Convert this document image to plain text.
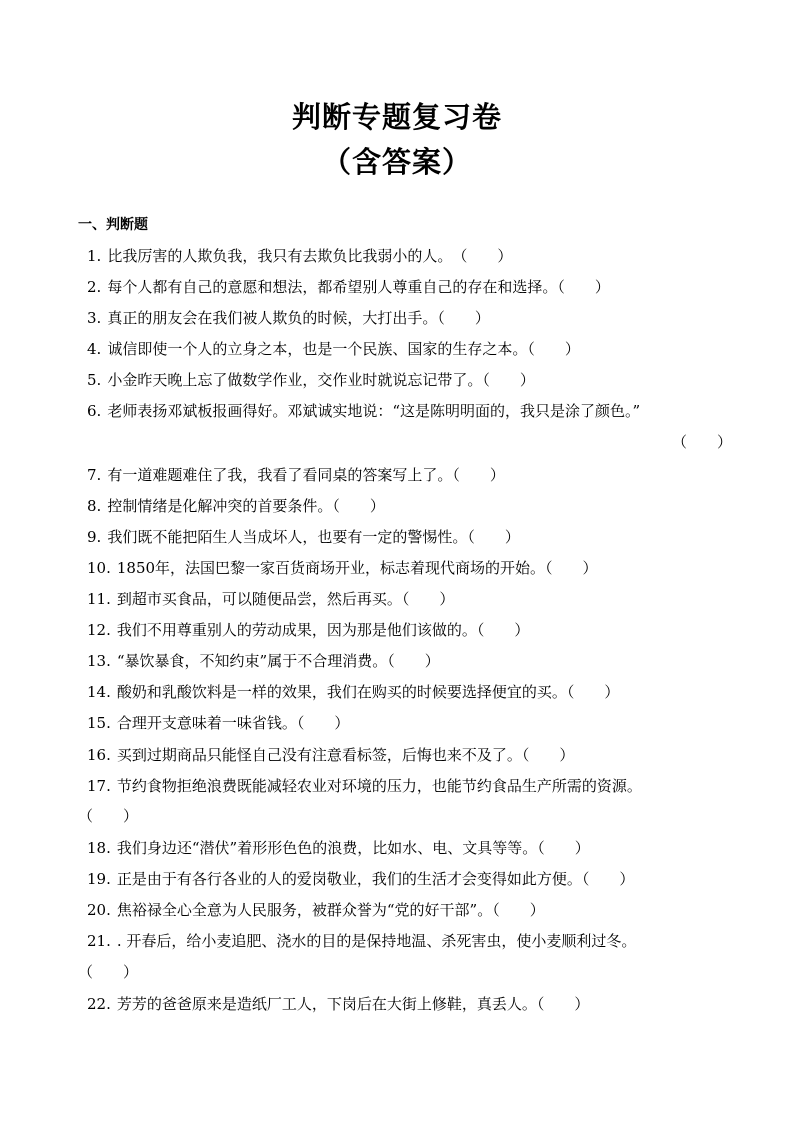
判断专题复习卷
（含答案）
一、判断题
1. 比我厉害的人欺负我，我只有去欺负比我弱小的人。　（　　）
2. 每个人都有自己的意愿和想法，都希望别人尊重自己的存在和选择。（　　）
3. 真正的朋友会在我们被人欺负的时候，大打出手。（　　）
4. 诚信即使一个人的立身之本，也是一个民族、国家的生存之本。（　　）
5. 小金昨天晚上忘了做数学作业，交作业时就说忘记带了。（　　）
6. 老师表扬邓斌板报画得好。邓斌诚实地说：“这是陈明明面的，我只是涂了颜色。”
（　　）
7. 有一道难题难住了我，我看了看同桌的答案写上了。（　　）
8. 控制情绪是化解冲突的首要条件。（　　）
9. 我们既不能把陌生人当成坏人，也要有一定的警惕性。（　　）
10. 1850年，法国巴黎一家百货商场开业，标志着现代商场的开始。（　　）
11. 到超市买食品，可以随便品尝，然后再买。（　　）
12. 我们不用尊重别人的劳动成果，因为那是他们该做的。（　　）
13. “暴饮暴食，不知约束”属于不合理消费。（　　）
14. 酸奶和乳酸饮料是一样的效果，我们在购买的时候要选择便宜的买。（　　）
15. 合理开支意味着一味省钱。（　　）
16. 买到过期商品只能怪自己没有注意看标签，后悔也来不及了。（　　）
17. 节约食物拒绝浪费既能减轻农业对环境的压力，也能节约食品生产所需的资源。
（　　）
18. 我们身边还“潜伏”着形形色色的浪费，比如水、电、文具等等。（　　）
19. 正是由于有各行各业的人的爱岗敬业，我们的生活才会变得如此方便。（　　）
20. 焦裕禄全心全意为人民服务，被群众誉为“党的好干部”。（　　）
21. . 开春后，给小麦追肥、浇水的目的是保持地温、杀死害虫，使小麦顺利过冬。
（　　）
22. 芳芳的爸爸原来是造纸厂工人，下岗后在大街上修鞋，真丢人。（　　）
